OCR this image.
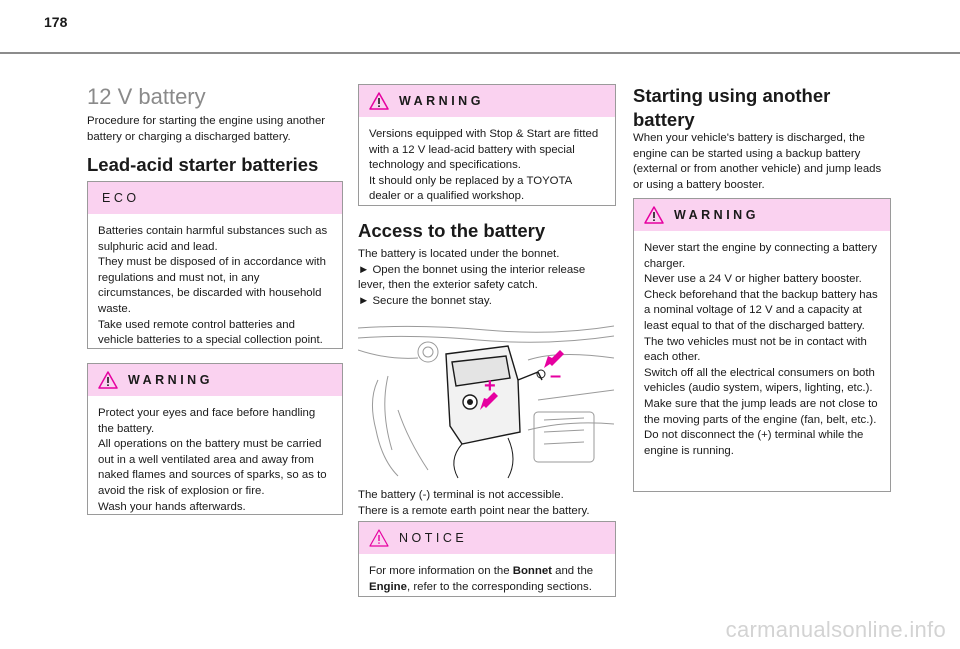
178
12 V battery
Procedure for starting the engine using another battery or charging a discharged battery.
Lead-acid starter batteries
ECO

Batteries contain harmful substances such as sulphuric acid and lead.

They must be disposed of in accordance with regulations and must not, in any circumstances, be discarded with household waste.

Take used remote control batteries and vehicle batteries to a special collection point.

WARNING

Protect your eyes and face before handling the battery.

All operations on the battery must be carried out in a well ventilated area and away from naked flames and sources of sparks, so as to avoid the risk of explosion or fire.

Wash your hands afterwards.

WARNING

Versions equipped with Stop & Start are fitted with a 12 V lead-acid battery with special technology and specifications.

It should only be replaced by a TOYOTA dealer or a qualified workshop.

Access to the battery

The battery is located under the bonnet.

► Open the bonnet using the interior release lever, then the exterior safety catch.

► Secure the bonnet stay.

+	–

The battery (-) terminal is not accessible.

There is a remote earth point near the battery.

NOTICE

For more information on the Bonnet and the Engine, refer to the corresponding sections.

Starting using another battery
When your vehicle's battery is discharged, the engine can be started using a backup battery (external or from another vehicle) and jump leads or using a battery booster.
WARNING

Never start the engine by connecting a battery charger.

Never use a 24 V or higher battery booster.

Check beforehand that the backup battery has a nominal voltage of 12 V and a capacity at least equal to that of the discharged battery.

The two vehicles must not be in contact with each other.

Switch off all the electrical consumers on both vehicles (audio system, wipers, lighting, etc.).

Make sure that the jump leads are not close to the moving parts of the engine (fan, belt, etc.).

Do not disconnect the (+) terminal while the engine is running.

carmanualsonline.info
